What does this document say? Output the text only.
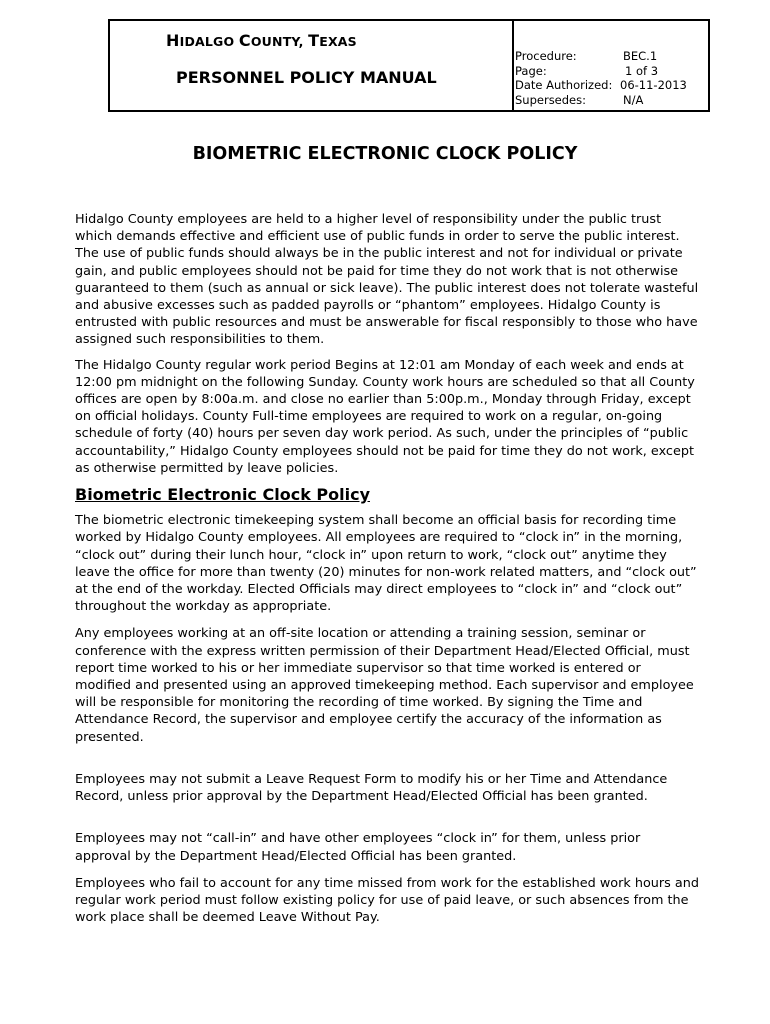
HIDALGO COUNTY, TEXAS
PERSONNEL POLICY MANUAL
Procedure:	BEC.1
Page:	1 of 3
Date Authorized: 06-11-2013
Supersedes:	N/A
BIOMETRIC ELECTRONIC CLOCK POLICY

Hidalgo County employees are held to a higher level of responsibility under the public trust which demands effective and efficient use of public funds in order to serve the public interest. The use of public funds should always be in the public interest and not for individual or private gain, and public employees should not be paid for time they do not work that is not otherwise guaranteed to them (such as annual or sick leave). The public interest does not tolerate wasteful and abusive excesses such as padded payrolls or “phantom” employees. Hidalgo County is entrusted with public resources and must be answerable for fiscal responsibly to those who have assigned such responsibilities to them.

The Hidalgo County regular work period Begins at 12:01 am Monday of each week and ends at 12:00 pm midnight on the following Sunday. County work hours are scheduled so that all County offices are open by 8:00a.m. and close no earlier than 5:00p.m., Monday through Friday, except on official holidays. County Full-time employees are required to work on a regular, on-going schedule of forty (40) hours per seven day work period. As such, under the principles of “public accountability,” Hidalgo County employees should not be paid for time they do not work, except as otherwise permitted by leave policies.

Biometric Electronic Clock Policy

The biometric electronic timekeeping system shall become an official basis for recording time worked by Hidalgo County employees. All employees are required to “clock in” in the morning, “clock out” during their lunch hour, “clock in” upon return to work, “clock out” anytime they leave the office for more than twenty (20) minutes for non-work related matters, and “clock out” at the end of the workday. Elected Officials may direct employees to “clock in” and “clock out” throughout the workday as appropriate.

Any employees working at an off-site location or attending a training session, seminar or conference with the express written permission of their Department Head/Elected Official, must report time worked to his or her immediate supervisor so that time worked is entered or modified and presented using an approved timekeeping method. Each supervisor and employee will be responsible for monitoring the recording of time worked. By signing the Time and Attendance Record, the supervisor and employee certify the accuracy of the information as presented.

Employees may not submit a Leave Request Form to modify his or her Time and Attendance Record, unless prior approval by the Department Head/Elected Official has been granted.

Employees may not “call-in” and have other employees “clock in” for them, unless prior approval by the Department Head/Elected Official has been granted.

Employees who fail to account for any time missed from work for the established work hours and regular work period must follow existing policy for use of paid leave, or such absences from the work place shall be deemed Leave Without Pay.
